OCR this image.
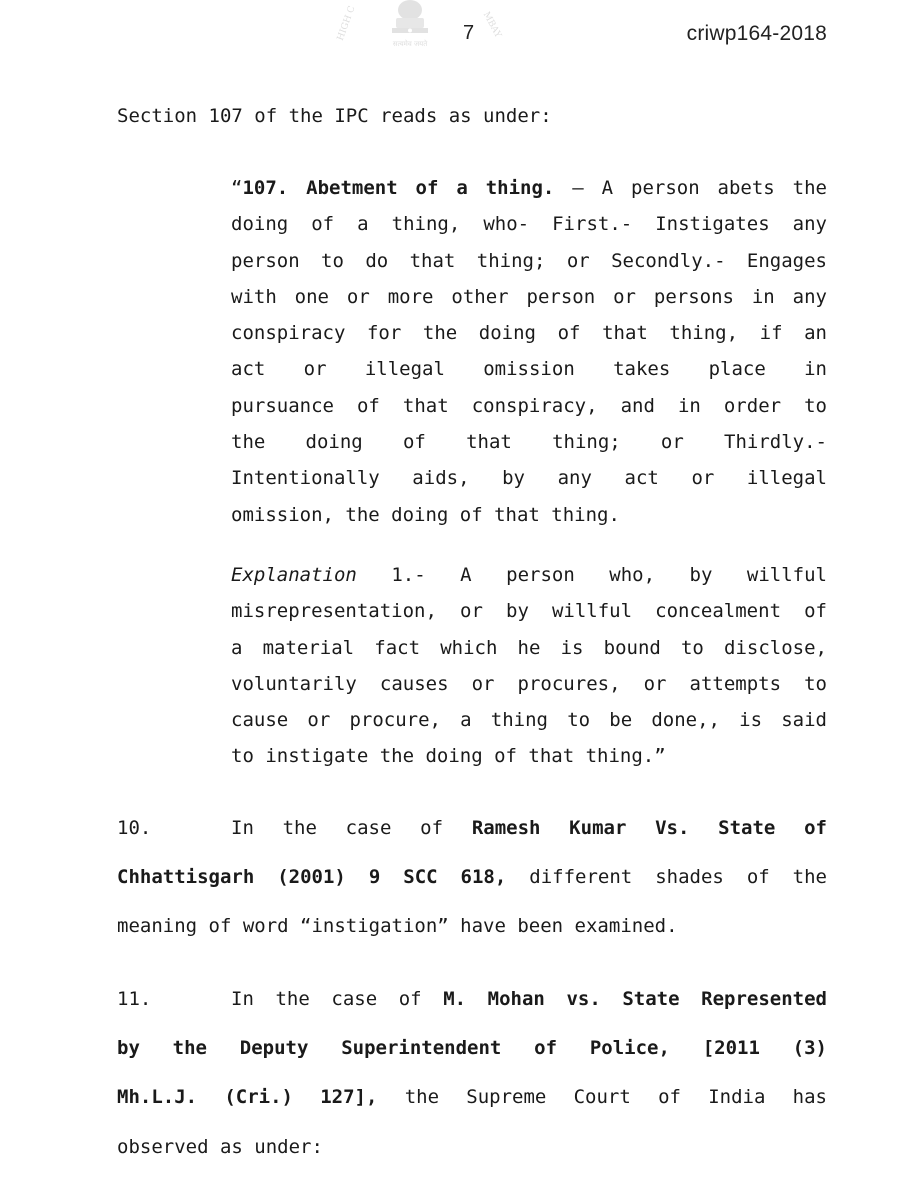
HIGH C	MBAY
सत्यमेव जयते 7	criwp164-2018
Section 107 of the IPC reads as under:
“107. Abetment of a thing. – A person abets the
doing of a thing, who- First.- Instigates any
person to do that thing; or Secondly.- Engages
with one or more other person or persons in any
conspiracy for the doing of that thing, if an
act or illegal omission takes place in
pursuance of that conspiracy, and in order to
the doing of that thing; or Thirdly.-
Intentionally aids, by any act or illegal
omission, the doing of that thing.
Explanation 1.- A person who, by willful
misrepresentation, or by willful concealment of
a material fact which he is bound to disclose,
voluntarily causes or procures, or attempts to
cause or procure, a thing to be done,, is said
to instigate the doing of that thing.”
10.	In the case of Ramesh Kumar Vs. State of
Chhattisgarh (2001) 9 SCC 618, different shades of the
meaning of word “instigation” have been examined.
11.	In the case of M. Mohan vs. State Represented
by the Deputy Superintendent of Police, [2011 (3)
Mh.L.J. (Cri.) 127], the Supreme Court of India has
observed as under:
